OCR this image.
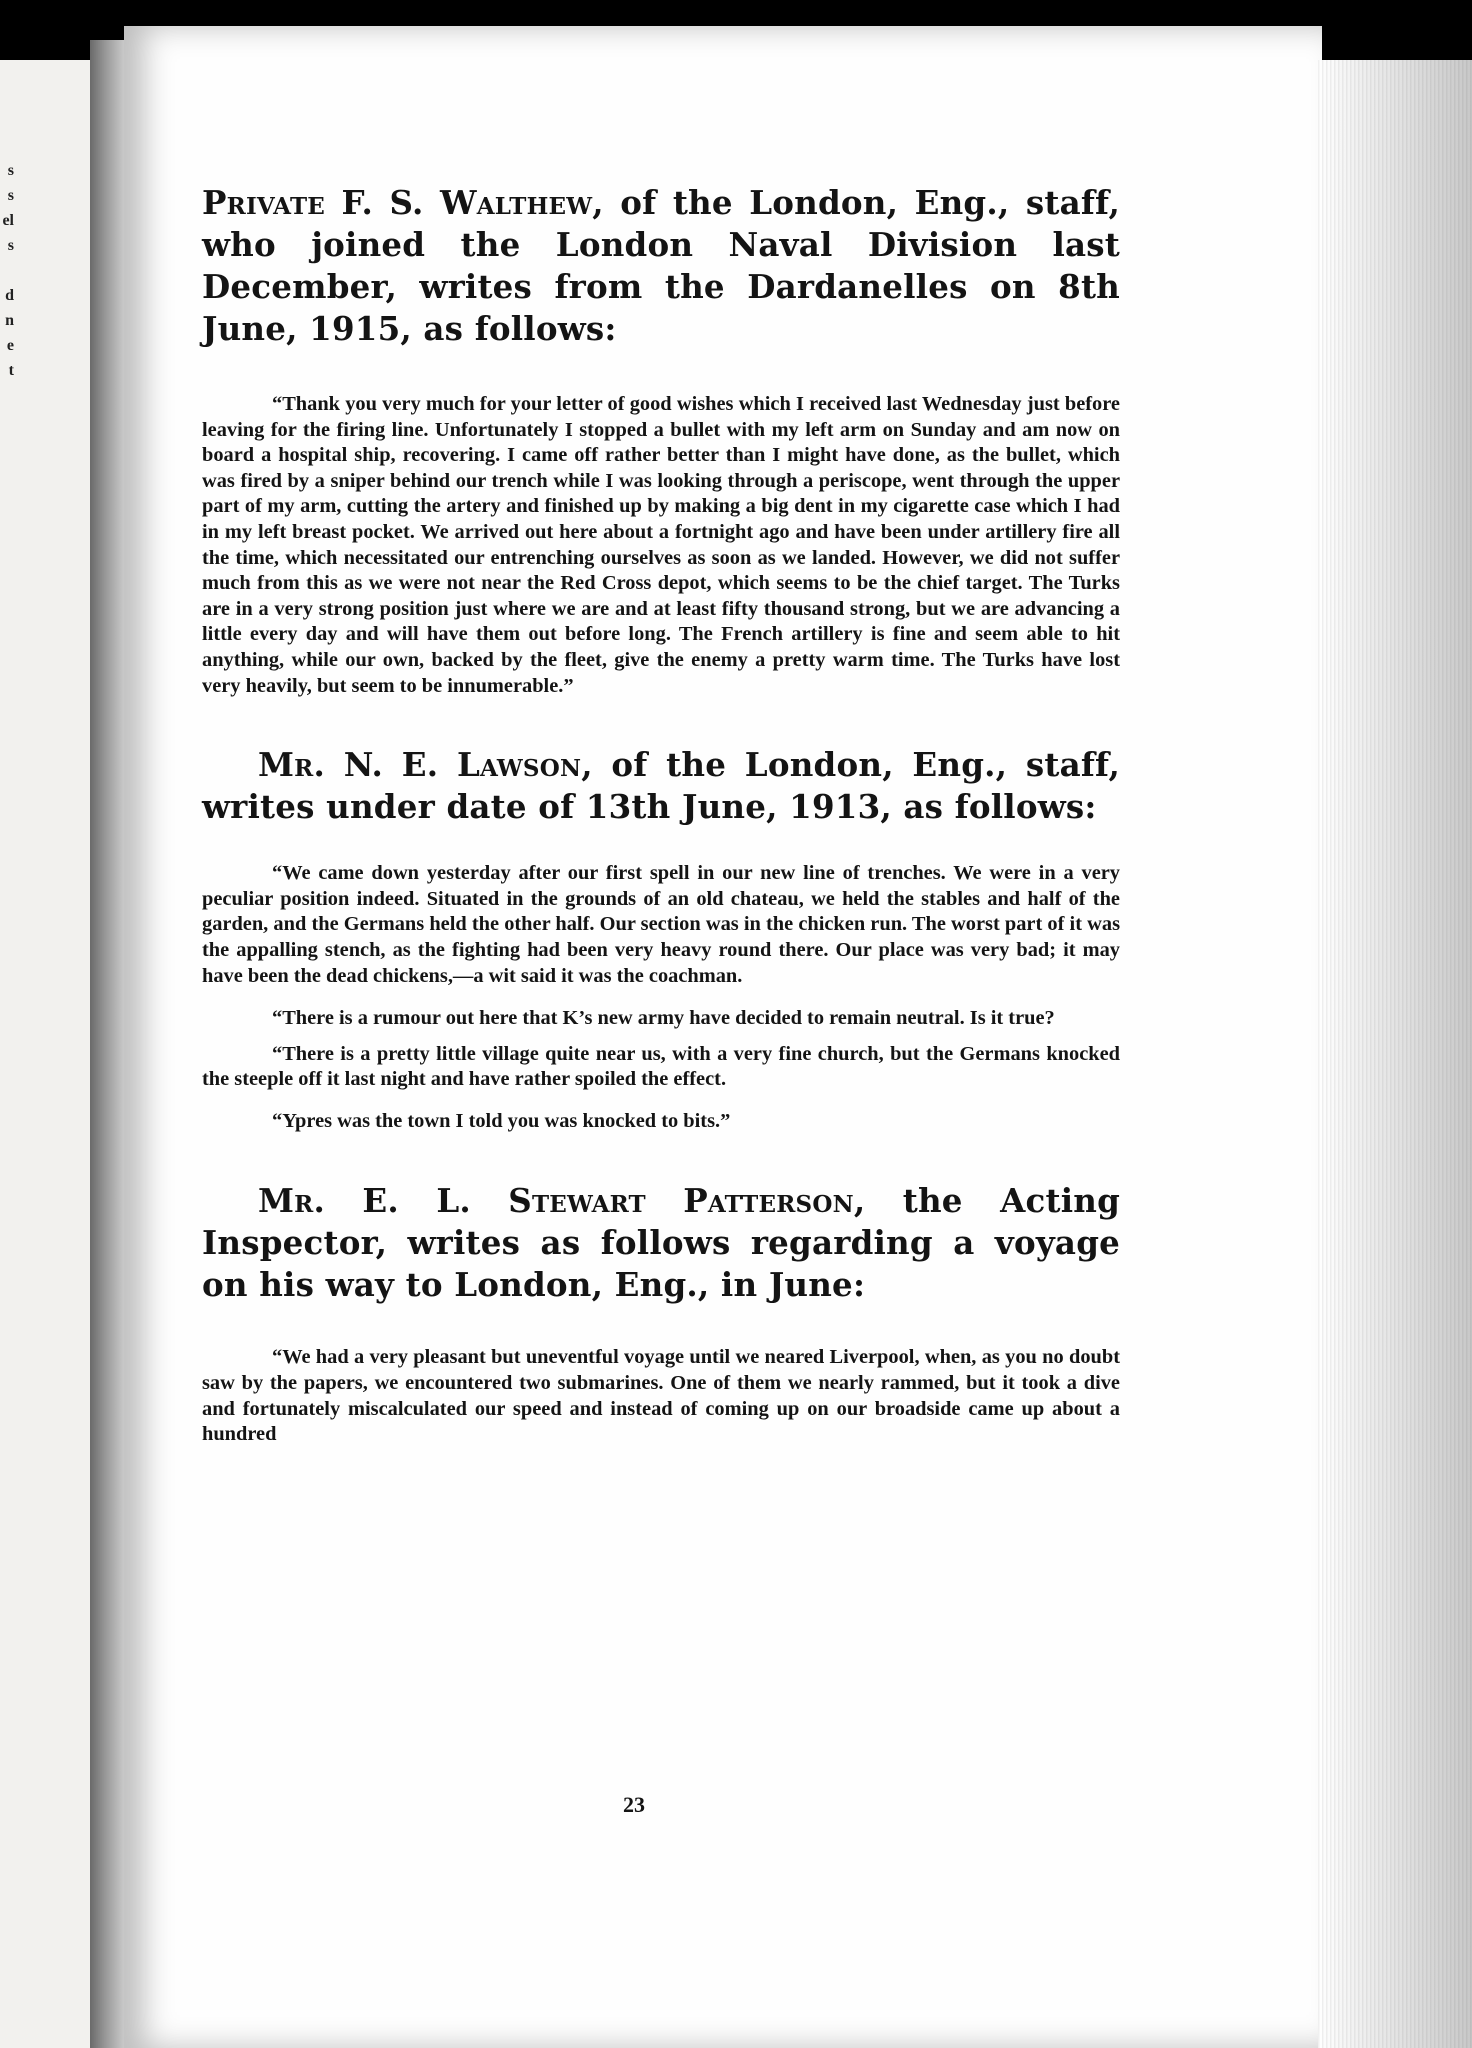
s
s
el
s
d
n
e
t

Private F. S. Walthew, of the London, Eng., staff, who joined the London Naval Division last December, writes from the Dardanelles on 8th June, 1915, as follows:

“Thank you very much for your letter of good wishes which I received last Wednesday just before leaving for the firing line. Unfortunately I stopped a bullet with my left arm on Sunday and am now on board a hospital ship, recovering. I came off rather better than I might have done, as the bullet, which was fired by a sniper behind our trench while I was looking through a periscope, went through the upper part of my arm, cutting the artery and finished up by making a big dent in my cigarette case which I had in my left breast pocket. We arrived out here about a fortnight ago and have been under artillery fire all the time, which necessitated our entrenching ourselves as soon as we landed. However, we did not suffer much from this as we were not near the Red Cross depot, which seems to be the chief target. The Turks are in a very strong position just where we are and at least fifty thousand strong, but we are advancing a little every day and will have them out before long. The French artillery is fine and seem able to hit anything, while our own, backed by the fleet, give the enemy a pretty warm time. The Turks have lost very heavily, but seem to be innumerable.”

Mr. N. E. Lawson, of the London, Eng., staff, writes under date of 13th June, 1913, as follows:

“We came down yesterday after our first spell in our new line of trenches. We were in a very peculiar position indeed. Situated in the grounds of an old chateau, we held the stables and half of the garden, and the Germans held the other half. Our section was in the chicken run. The worst part of it was the appalling stench, as the fighting had been very heavy round there. Our place was very bad; it may have been the dead chickens,—a wit said it was the coachman.

“There is a rumour out here that K’s new army have decided to remain neutral. Is it true?

“There is a pretty little village quite near us, with a very fine church, but the Germans knocked the steeple off it last night and have rather spoiled the effect.

“Ypres was the town I told you was knocked to bits.”

Mr. E. L. Stewart Patterson, the Acting Inspector, writes as follows regarding a voyage on his way to London, Eng., in June:

“We had a very pleasant but uneventful voyage until we neared Liverpool, when, as you no doubt saw by the papers, we encountered two submarines. One of them we nearly rammed, but it took a dive and fortunately miscalculated our speed and instead of coming up on our broadside came up about a hundred

23
